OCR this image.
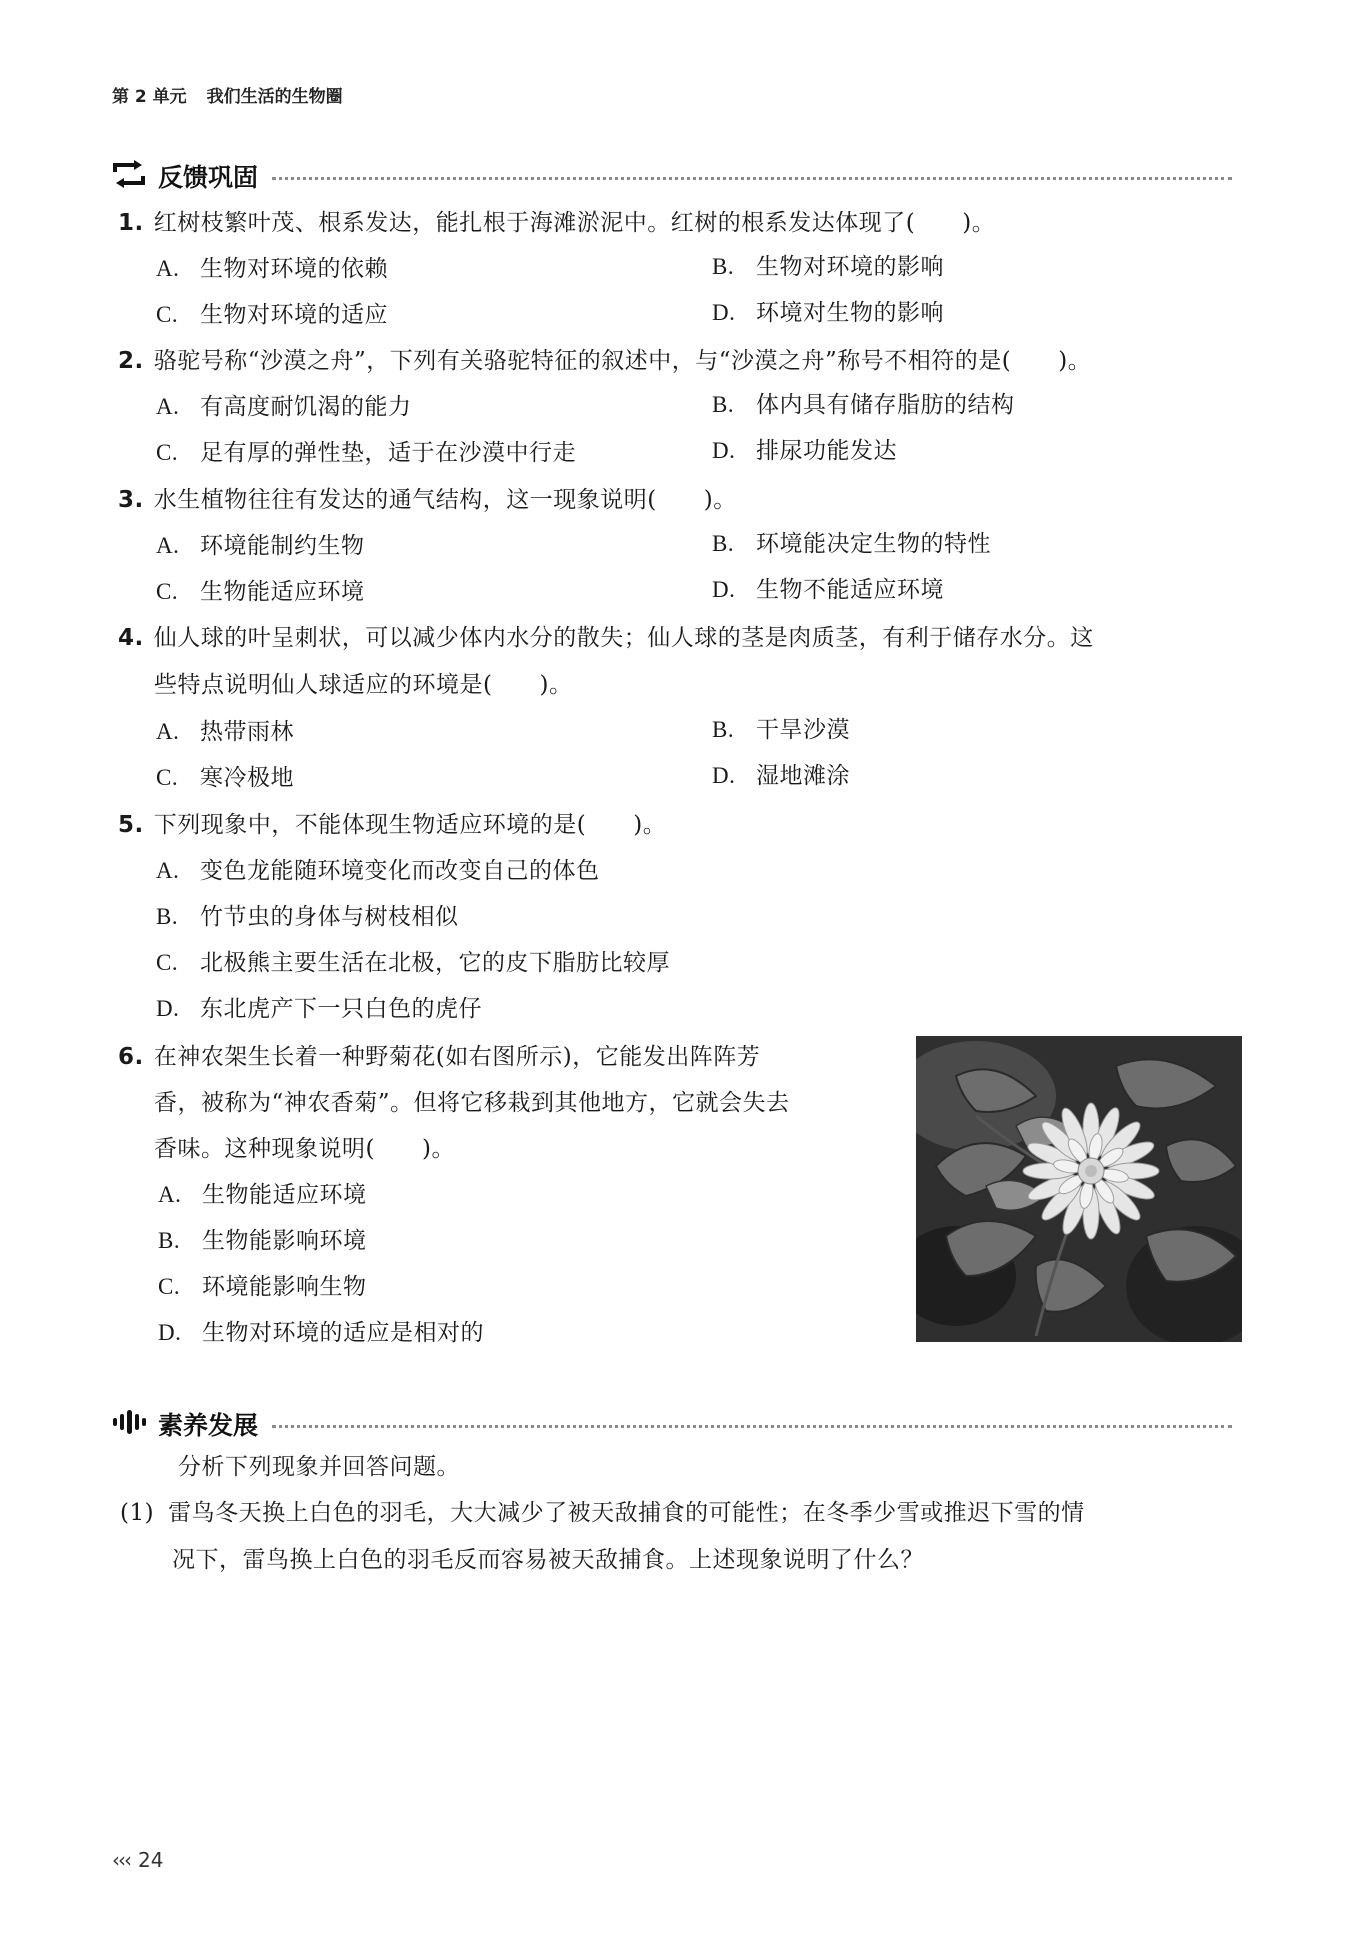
第 2 单元 我们生活的生物圈
反馈巩固
1. 红树枝繁叶茂、根系发达，能扎根于海滩淤泥中。红树的根系发达体现了(　　)。
A. 生物对环境的依赖	B. 生物对环境的影响
C. 生物对环境的适应	D. 环境对生物的影响
2. 骆驼号称“沙漠之舟”，下列有关骆驼特征的叙述中，与“沙漠之舟”称号不相符的是(　　)。
A. 有高度耐饥渴的能力	B. 体内具有储存脂肪的结构
C. 足有厚的弹性垫，适于在沙漠中行走	D. 排尿功能发达
3. 水生植物往往有发达的通气结构，这一现象说明(　　)。
A. 环境能制约生物	B. 环境能决定生物的特性
C. 生物能适应环境	D. 生物不能适应环境
4. 仙人球的叶呈刺状，可以减少体内水分的散失；仙人球的茎是肉质茎，有利于储存水分。这
些特点说明仙人球适应的环境是(　　)。
A. 热带雨林	B. 干旱沙漠
C. 寒冷极地	D. 湿地滩涂
5. 下列现象中，不能体现生物适应环境的是(　　)。
A. 变色龙能随环境变化而改变自己的体色
B. 竹节虫的身体与树枝相似
C. 北极熊主要生活在北极，它的皮下脂肪比较厚
D. 东北虎产下一只白色的虎仔
6. 在神农架生长着一种野菊花(如右图所示)，它能发出阵阵芳
香，被称为“神农香菊”。但将它移栽到其他地方，它就会失去
香味。这种现象说明(　　)。
A. 生物能适应环境
B. 生物能影响环境
C. 环境能影响生物
D. 生物对环境的适应是相对的
素养发展
分析下列现象并回答问题。
(1) 雷鸟冬天换上白色的羽毛，大大减少了被天敌捕食的可能性；在冬季少雪或推迟下雪的情
况下，雷鸟换上白色的羽毛反而容易被天敌捕食。上述现象说明了什么？
‹‹‹ 24
